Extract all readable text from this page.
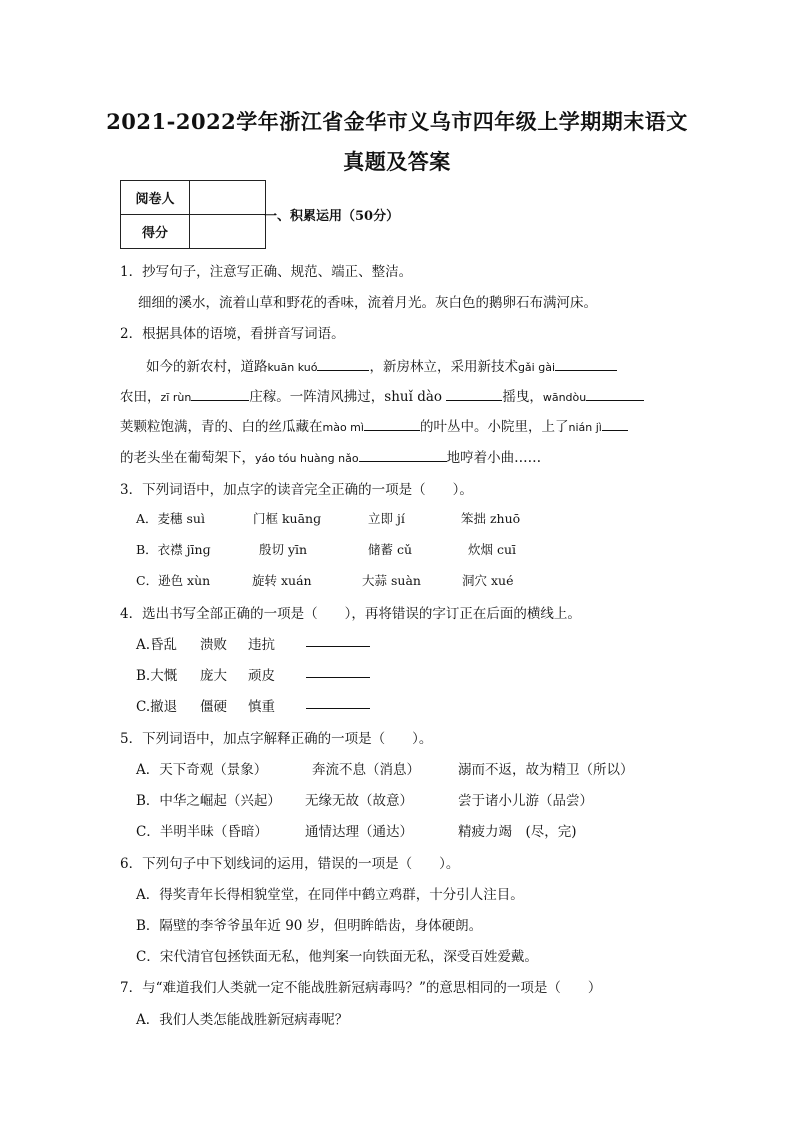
2021-2022学年浙江省金华市义乌市四年级上学期期末语文
真题及答案
阅卷人	
得分	
一、积累运用（50分）
1．抄写句子，注意写正确、规范、端正、整洁。
细细的溪水，流着山草和野花的香味，流着月光。灰白色的鹅卵石布满河床。
2．根据具体的语境，看拼音写词语。
如今的新农村，道路kuān kuó	，新房林立，采用新技术ɡǎi ɡài
农田，zī rùn	庄稼。一阵清风拂过，shuǐ dào	摇曳，wāndòu
荚颗粒饱满，青的、白的丝瓜藏在mào mì	的叶丛中。小院里，上了nián jì
的老头坐在葡萄架下，yáo tóu huànɡ nǎo	地哼着小曲……
3．下列词语中，加点字的读音完全正确的一项是（　　）。
A．麦穗 suì	门框 kuānɡ	立即 jí	笨拙 zhuō
B．衣襟 jīnɡ	殷切 yīn	储蓄 cǔ	炊烟 cuī
C．逊色 xùn	旋转 xuán	大蒜 suàn	洞穴 xué
4．选出书写全部正确的一项是（　　），再将错误的字订正在后面的横线上。
A.昏乱 溃败 违抗
B.大慨 庞大 顽皮
C.撤退 僵硬 慎重
5．下列词语中，加点字解释正确的一项是（　　）。
A．天下奇观（景象）	奔流不息（消息）	溺而不返，故为精卫（所以）
B．中华之崛起（兴起） 无缘无故（故意）	尝于诸小儿游（品尝）
C．半明半昧（昏暗）	通情达理（通达）	精疲力竭　(尽，完)
6．下列句子中下划线词的运用，错误的一项是（　　）。
A．得奖青年长得相貌堂堂，在同伴中鹤立鸡群，十分引人注目。
B．隔壁的李爷爷虽年近 90 岁，但明眸皓齿，身体硬朗。
C．宋代清官包拯铁面无私，他判案一向铁面无私，深受百姓爱戴。
7．与“难道我们人类就一定不能战胜新冠病毒吗？”的意思相同的一项是（　　）
A．我们人类怎能战胜新冠病毒呢？
